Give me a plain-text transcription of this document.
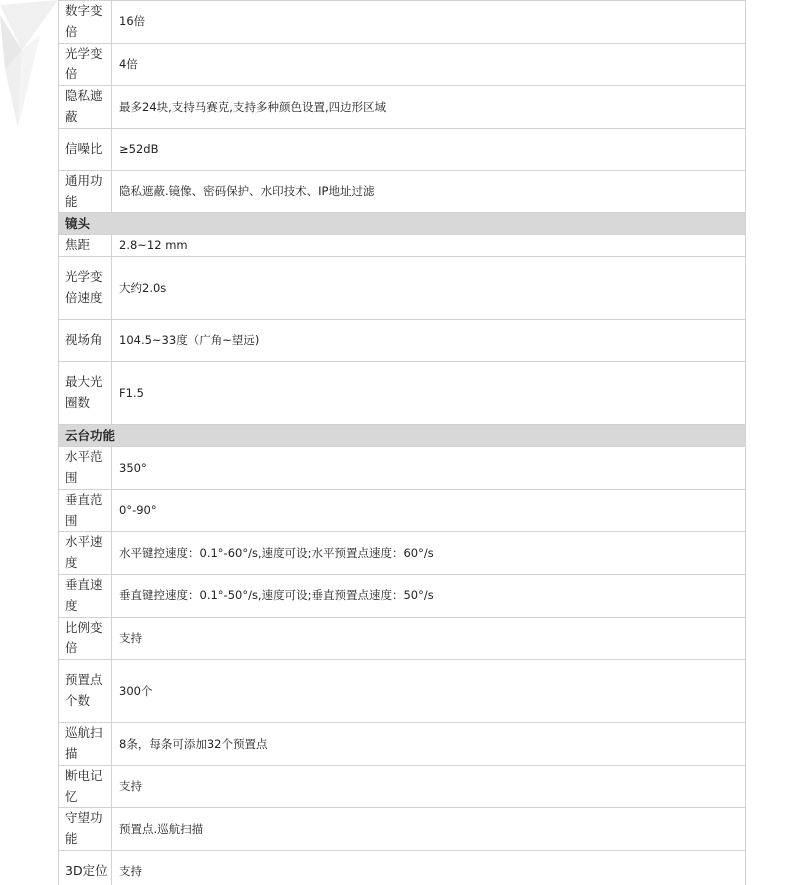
数字变倍	16倍
光学变倍	4倍
隐私遮蔽	最多24块,支持马赛克,支持多种颜色设置,四边形区域
信噪比	≥52dB
通用功能	隐私遮蔽.镜像、密码保护、水印技术、IP地址过滤
镜头	
焦距	2.8~12 mm
光学变倍速度	大约2.0s
视场角	104.5~33度（广角~望远)
最大光圈数	F1.5
云台功能	
水平范围	350°
垂直范围	0°-90°
水平速度	水平键控速度：0.1°-60°/s,速度可设;水平预置点速度：60°/s
垂直速度	垂直键控速度：0.1°-50°/s,速度可设;垂直预置点速度：50°/s
比例变倍	支持
预置点个数	300个
巡航扫描	8条，每条可添加32个预置点
断电记忆	支持
守望功能	预置点.巡航扫描
3D定位	支持
